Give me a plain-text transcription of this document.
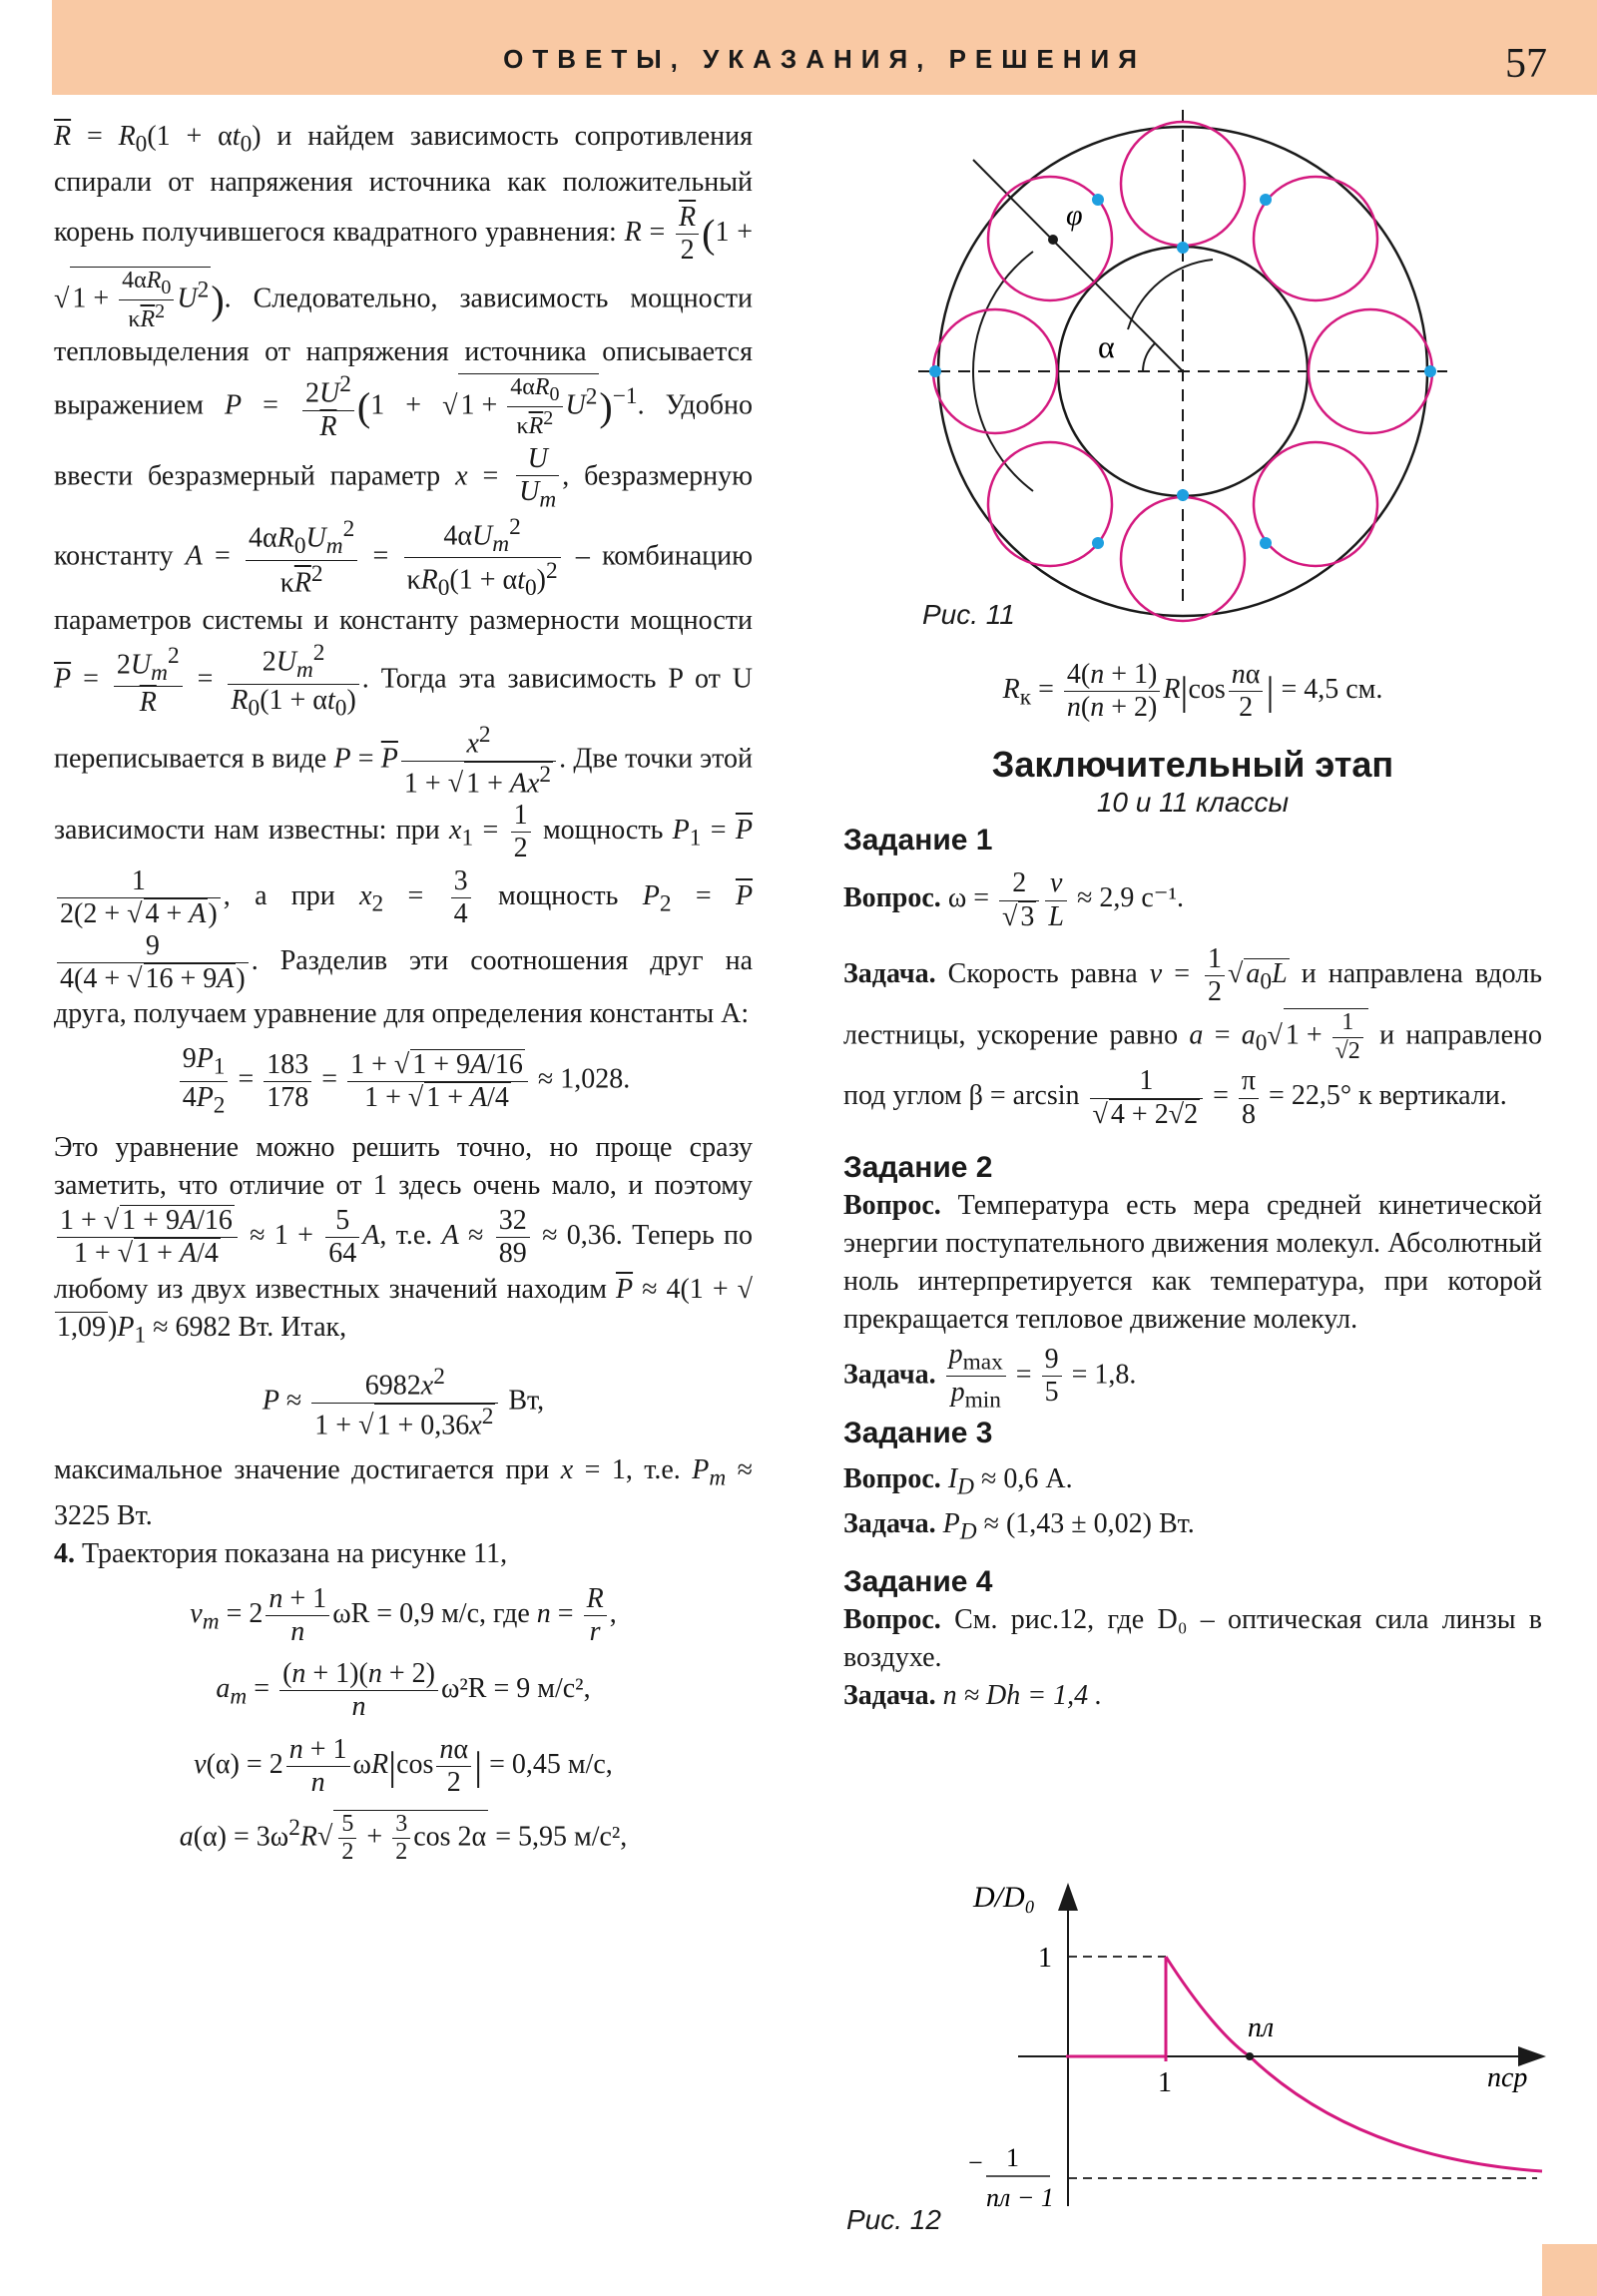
ОТВЕТЫ, УКАЗАНИЯ, РЕШЕНИЯ	57

$\overline{R} = R_0(1 + \alpha t_0)$ и найдем зависимость сопротивления спирали от напряжения источника как положительный корень получившегося квадратного уравнения: $R = \frac{\overline{R}}{2} (1$ + √ $1 + \frac{4\alpha R_0}{\kappa\overline{R}^2} U^2$). Следовательно, зависимость мощности тепловыделения от напряжения источника описывается выражением $P = \frac{2U^2}{R} (1$ + √ $1 + \frac{4\alpha R_0}{\kappa\overline{R}^2} U^2)^{-1}$. Удобно ввести безразмерный параметр $x = \frac{U}{U_m}$ , безразмерную константу $A = \frac{4\alpha R_0U_m^2}{\kappa\overline{R}^2} = \frac{4\alpha U_m^2}{\kappa R_0(1 + \alpha t_0)^2}$ – комбинацию параметров системы и константу размерности мощности $\overline{P} = \frac{2U_m^2}{R} = \frac{2U_m^2}{R_0(1 + \alpha t_0)}$ . Тогда эта зависимость P от U переписывается в виде $P = \overline{P} \frac{x^2}{1 + √ 1 + Ax^2}$ . Две точки этой зависимости нам известны: при $x_1 = \frac{1}{2}$ мощность $P_1 = \overline{P}$
$\frac{1}{2(2 + √ 4 + A)}$ , а при $x_2 = \frac{3}{4}$ мощность $P_2 = \overline{P}$
$\frac{9}{4(4 + √ 16 + 9A)}$ . Разделив эти соотношения друг на друга, получаем уравнение для определения константы A:

$\frac{9P_1}{4P_2} = \frac{183}{178} = \frac{1 + √ 1 + 9A/16}{1 + √ 1 + A/4} \approx 1,028$.

Это уравнение можно решить точно, но проще сразу заметить, что отличие от 1 здесь очень мало, и поэтому
$\frac{1 + √ 1 + 9A/16}{1 + √ 1 + A/4} \approx 1 + \frac{5}{64} A$, т.е. $A \approx \frac{32}{89} \approx 0,36$. Теперь по любому из двух известных значений находим $\overline{P} \approx 4(1$ + √ $1,09)P_1 \approx 6982$ Вт. Итак,

$P \approx \frac{6982x^2}{1 + √ 1 + 0,36x^2}$ Вт,

максимальное значение достигается при x = 1, т.е. $P_m \approx 3225$ Вт.

4. Траектория показана на рисунке 11,

$v_m = 2 \frac{n + 1}{n}$ ωR = 0,9 м/с, где $n = \frac{R}{r}$ ,

$a_m = \frac{(n + 1)(n + 2)}{n} \omega^2R = 9$ м/с²,

$v(\alpha) = 2 \frac{n + 1}{n} \omega R|\cos \frac{n\alpha}{2}$ | = 0,45 м/с,

$a(\alpha) = 3\omega^2R$ √ $\frac{5}{2} + \frac{3}{2}$ cos 2α = 5,95 м/с²,

φ
α
Рис. 11

$R_к = \frac{4(n + 1)}{n(n + 2)} R|\cos \frac{n\alpha}{2}$ | = 4,5 см.

Заключительный этап
10 и 11 классы

Задание 1

Вопрос. ω = 2
√ $3 \frac{v}{L} \approx 2,9$ с⁻¹.

Задача. Скорость равна $v = \frac{1}{2}$ √ $a_0L$ и направлена вдоль лестницы, ускорение равно $a = a_0$ √ 1 + 1
√ 2 и направлено под углом β = arcsin 1
√ 4 + 2 √ $2 = \frac{\pi}{8} = 22,5^\circ$ к вертикали.

Задание 2

Вопрос. Температура есть мера средней кинетической энергии поступательного движения молекул. Абсолютный ноль интерпретируется как температура, при которой прекращается тепловое движение молекул.

Задача. $\frac{p_{max}}{p_{min}} = \frac{9}{5} = 1,8$.

Задание 3

Вопрос. $I_D \approx 0,6$ А.

Задача. $P_D \approx (1,43 \pm 0,02)$ Вт.

Задание 4

Вопрос. См. рис.12, где D₀ – оптическая сила линзы в воздухе.

Задача. n ≈ Dh = 1,4 .

D/D₀
1
1
nл
nср
− 1
nл − 1
Рис. 12
